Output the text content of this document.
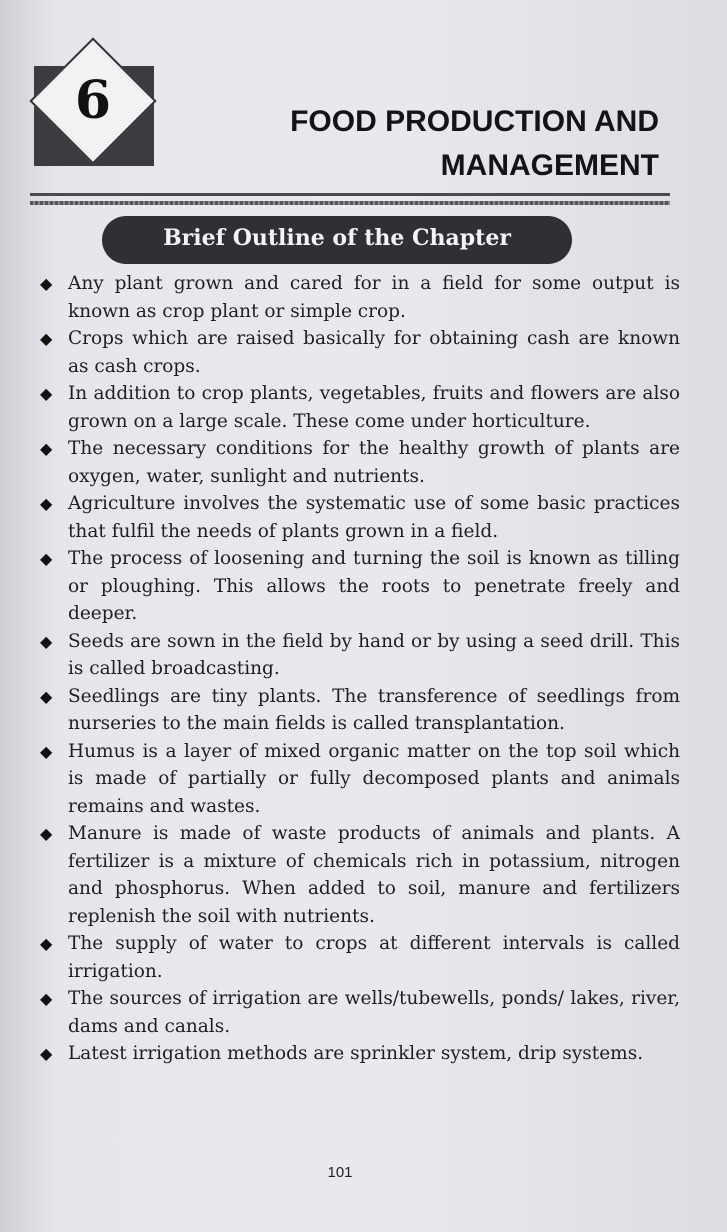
6	FOOD PRODUCTION AND
MANAGEMENT
Brief Outline of the Chapter
◆ Any plant grown and cared for in a field for some output is known as crop plant or simple crop.
◆ Crops which are raised basically for obtaining cash are known as cash crops.
◆ In addition to crop plants, vegetables, fruits and flowers are also grown on a large scale. These come under horticulture.
◆ The necessary conditions for the healthy growth of plants are oxygen, water, sunlight and nutrients.
◆ Agriculture involves the systematic use of some basic practices that fulfil the needs of plants grown in a field.
◆ The process of loosening and turning the soil is known as tilling or ploughing. This allows the roots to penetrate freely and deeper.
◆ Seeds are sown in the field by hand or by using a seed drill. This is called broadcasting.
◆ Seedlings are tiny plants. The transference of seedlings from nurseries to the main fields is called transplantation.
◆ Humus is a layer of mixed organic matter on the top soil which is made of partially or fully decomposed plants and animals remains and wastes.
◆ Manure is made of waste products of animals and plants. A fertilizer is a mixture of chemicals rich in potassium, nitrogen and phosphorus. When added to soil, manure and fertilizers replenish the soil with nutrients.
◆ The supply of water to crops at different intervals is called irrigation.
◆ The sources of irrigation are wells/tubewells, ponds/ lakes, river, dams and canals.
◆ Latest irrigation methods are sprinkler system, drip systems.
101
